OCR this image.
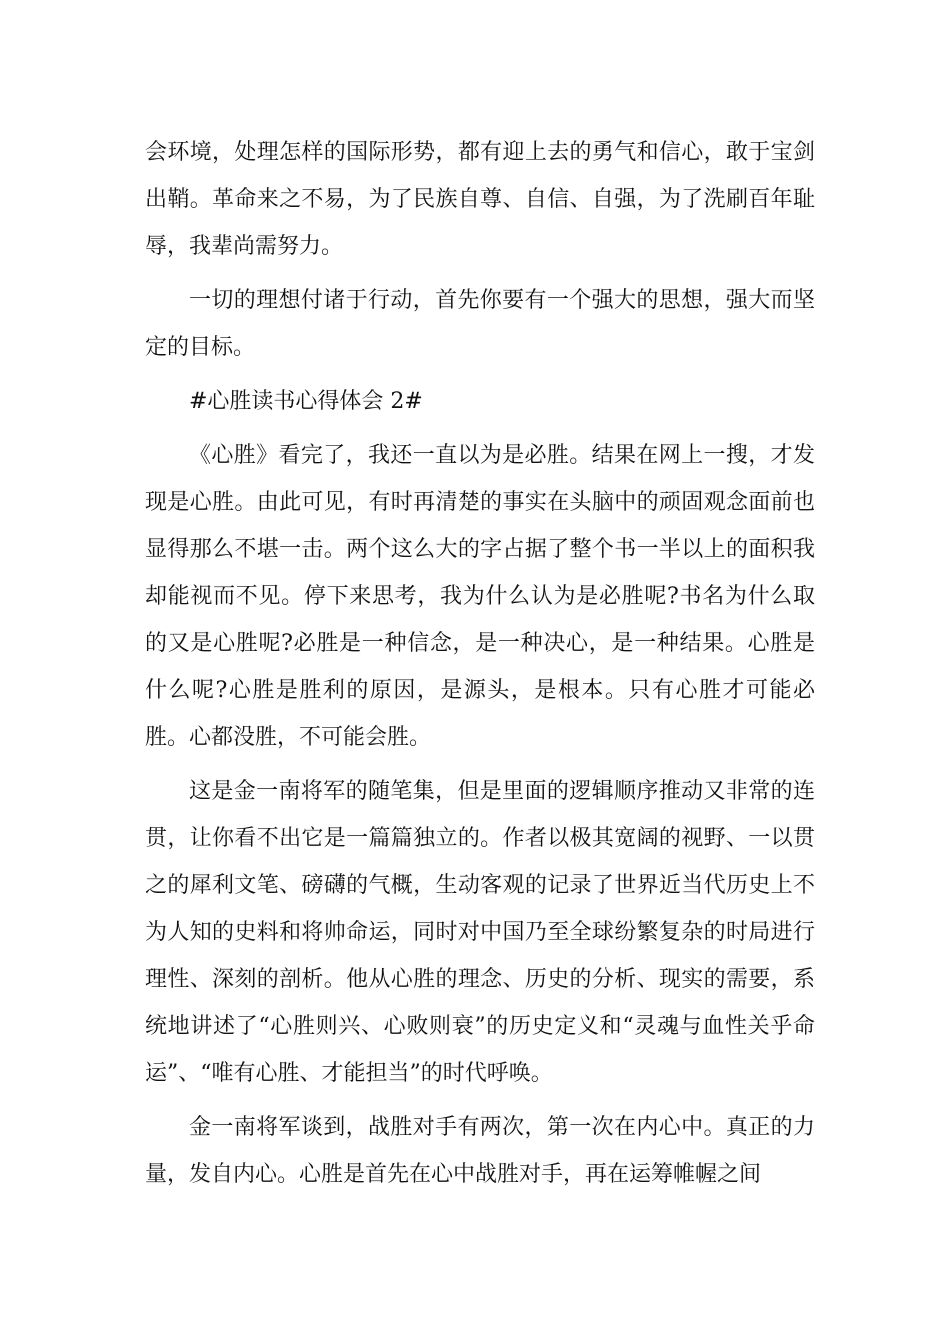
会环境，处理怎样的国际形势，都有迎上去的勇气和信心，敢于宝剑出鞘。革命来之不易，为了民族自尊、自信、自强，为了洗刷百年耻辱，我辈尚需努力。

一切的理想付诸于行动，首先你要有一个强大的思想，强大而坚定的目标。

#心胜读书心得体会 2#

《心胜》看完了，我还一直以为是必胜。结果在网上一搜，才发现是心胜。由此可见，有时再清楚的事实在头脑中的顽固观念面前也显得那么不堪一击。两个这么大的字占据了整个书一半以上的面积我却能视而不见。停下来思考，我为什么认为是必胜呢?书名为什么取的又是心胜呢?必胜是一种信念，是一种决心，是一种结果。心胜是什么呢?心胜是胜利的原因，是源头，是根本。只有心胜才可能必胜。心都没胜，不可能会胜。

这是金一南将军的随笔集，但是里面的逻辑顺序推动又非常的连贯，让你看不出它是一篇篇独立的。作者以极其宽阔的视野、一以贯之的犀利文笔、磅礴的气概，生动客观的记录了世界近当代历史上不为人知的史料和将帅命运，同时对中国乃至全球纷繁复杂的时局进行理性、深刻的剖析。他从心胜的理念、历史的分析、现实的需要，系统地讲述了“心胜则兴、心败则衰”的历史定义和“灵魂与血性关乎命运”、“唯有心胜、才能担当”的时代呼唤。

金一南将军谈到，战胜对手有两次，第一次在内心中。真正的力量，发自内心。心胜是首先在心中战胜对手，再在运筹帷幄之间
